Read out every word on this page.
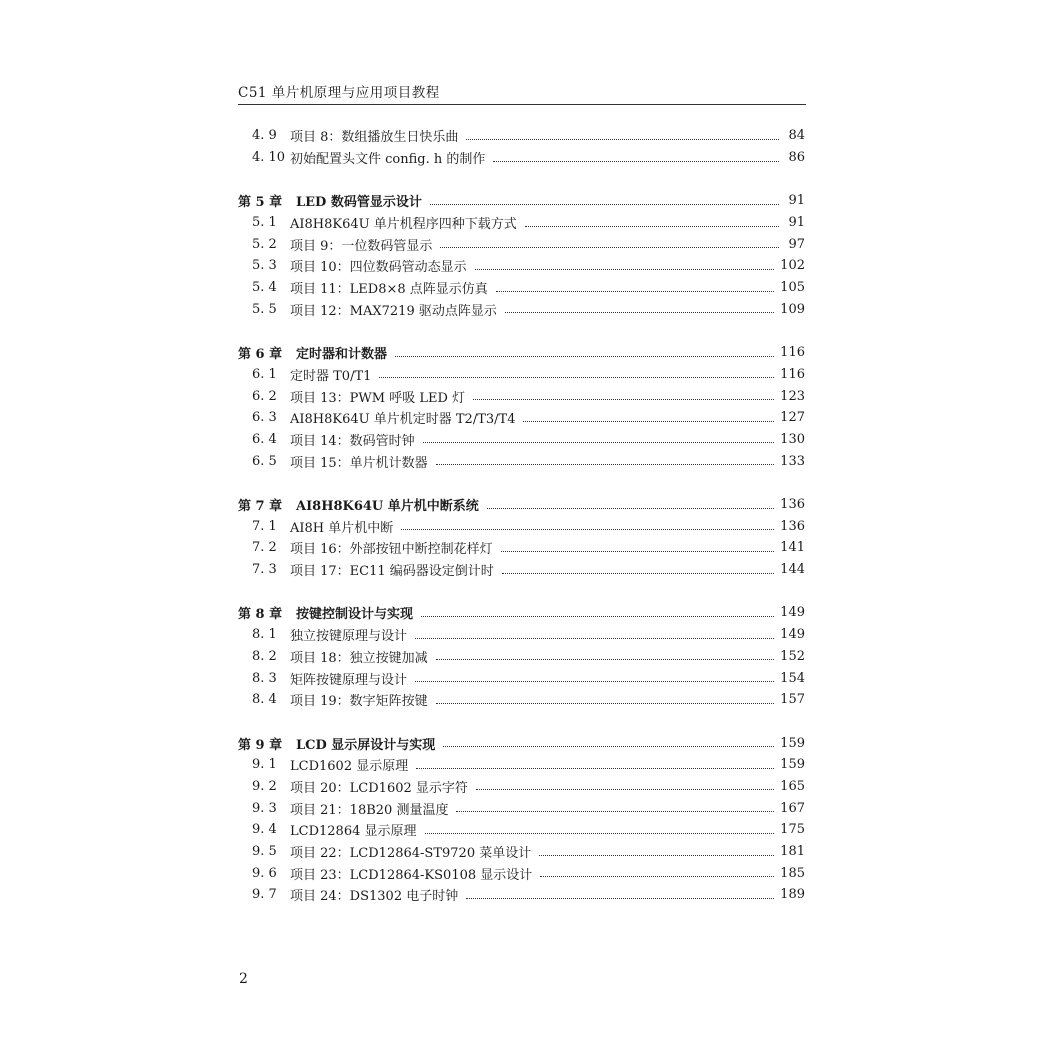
C51 单片机原理与应用项目教程
4. 9	项目 8：数组播放生日快乐曲	84
4. 10 初始配置头文件 config. h 的制作	86
第 5 章	LED 数码管显示设计	91
5. 1	AI8H8K64U 单片机程序四种下载方式	91
5. 2	项目 9：一位数码管显示	97
5. 3	项目 10：四位数码管动态显示	102
5. 4	项目 11：LED8×8 点阵显示仿真	105
5. 5	项目 12：MAX7219 驱动点阵显示	109
第 6 章	定时器和计数器	116
6. 1	定时器 T0/T1	116
6. 2	项目 13：PWM 呼吸 LED 灯	123
6. 3	AI8H8K64U 单片机定时器 T2/T3/T4	127
6. 4	项目 14：数码管时钟	130
6. 5	项目 15：单片机计数器	133
第 7 章	AI8H8K64U 单片机中断系统	136
7. 1	AI8H 单片机中断	136
7. 2	项目 16：外部按钮中断控制花样灯	141
7. 3	项目 17：EC11 编码器设定倒计时	144
第 8 章	按键控制设计与实现	149
8. 1	独立按键原理与设计	149
8. 2	项目 18：独立按键加减	152
8. 3	矩阵按键原理与设计	154
8. 4	项目 19：数字矩阵按键	157
第 9 章	LCD 显示屏设计与实现	159
9. 1	LCD1602 显示原理	159
9. 2	项目 20：LCD1602 显示字符	165
9. 3	项目 21：18B20 测量温度	167
9. 4	LCD12864 显示原理	175
9. 5	项目 22：LCD12864-ST9720 菜单设计	181
9. 6	项目 23：LCD12864-KS0108 显示设计	185
9. 7	项目 24：DS1302 电子时钟	189
2
